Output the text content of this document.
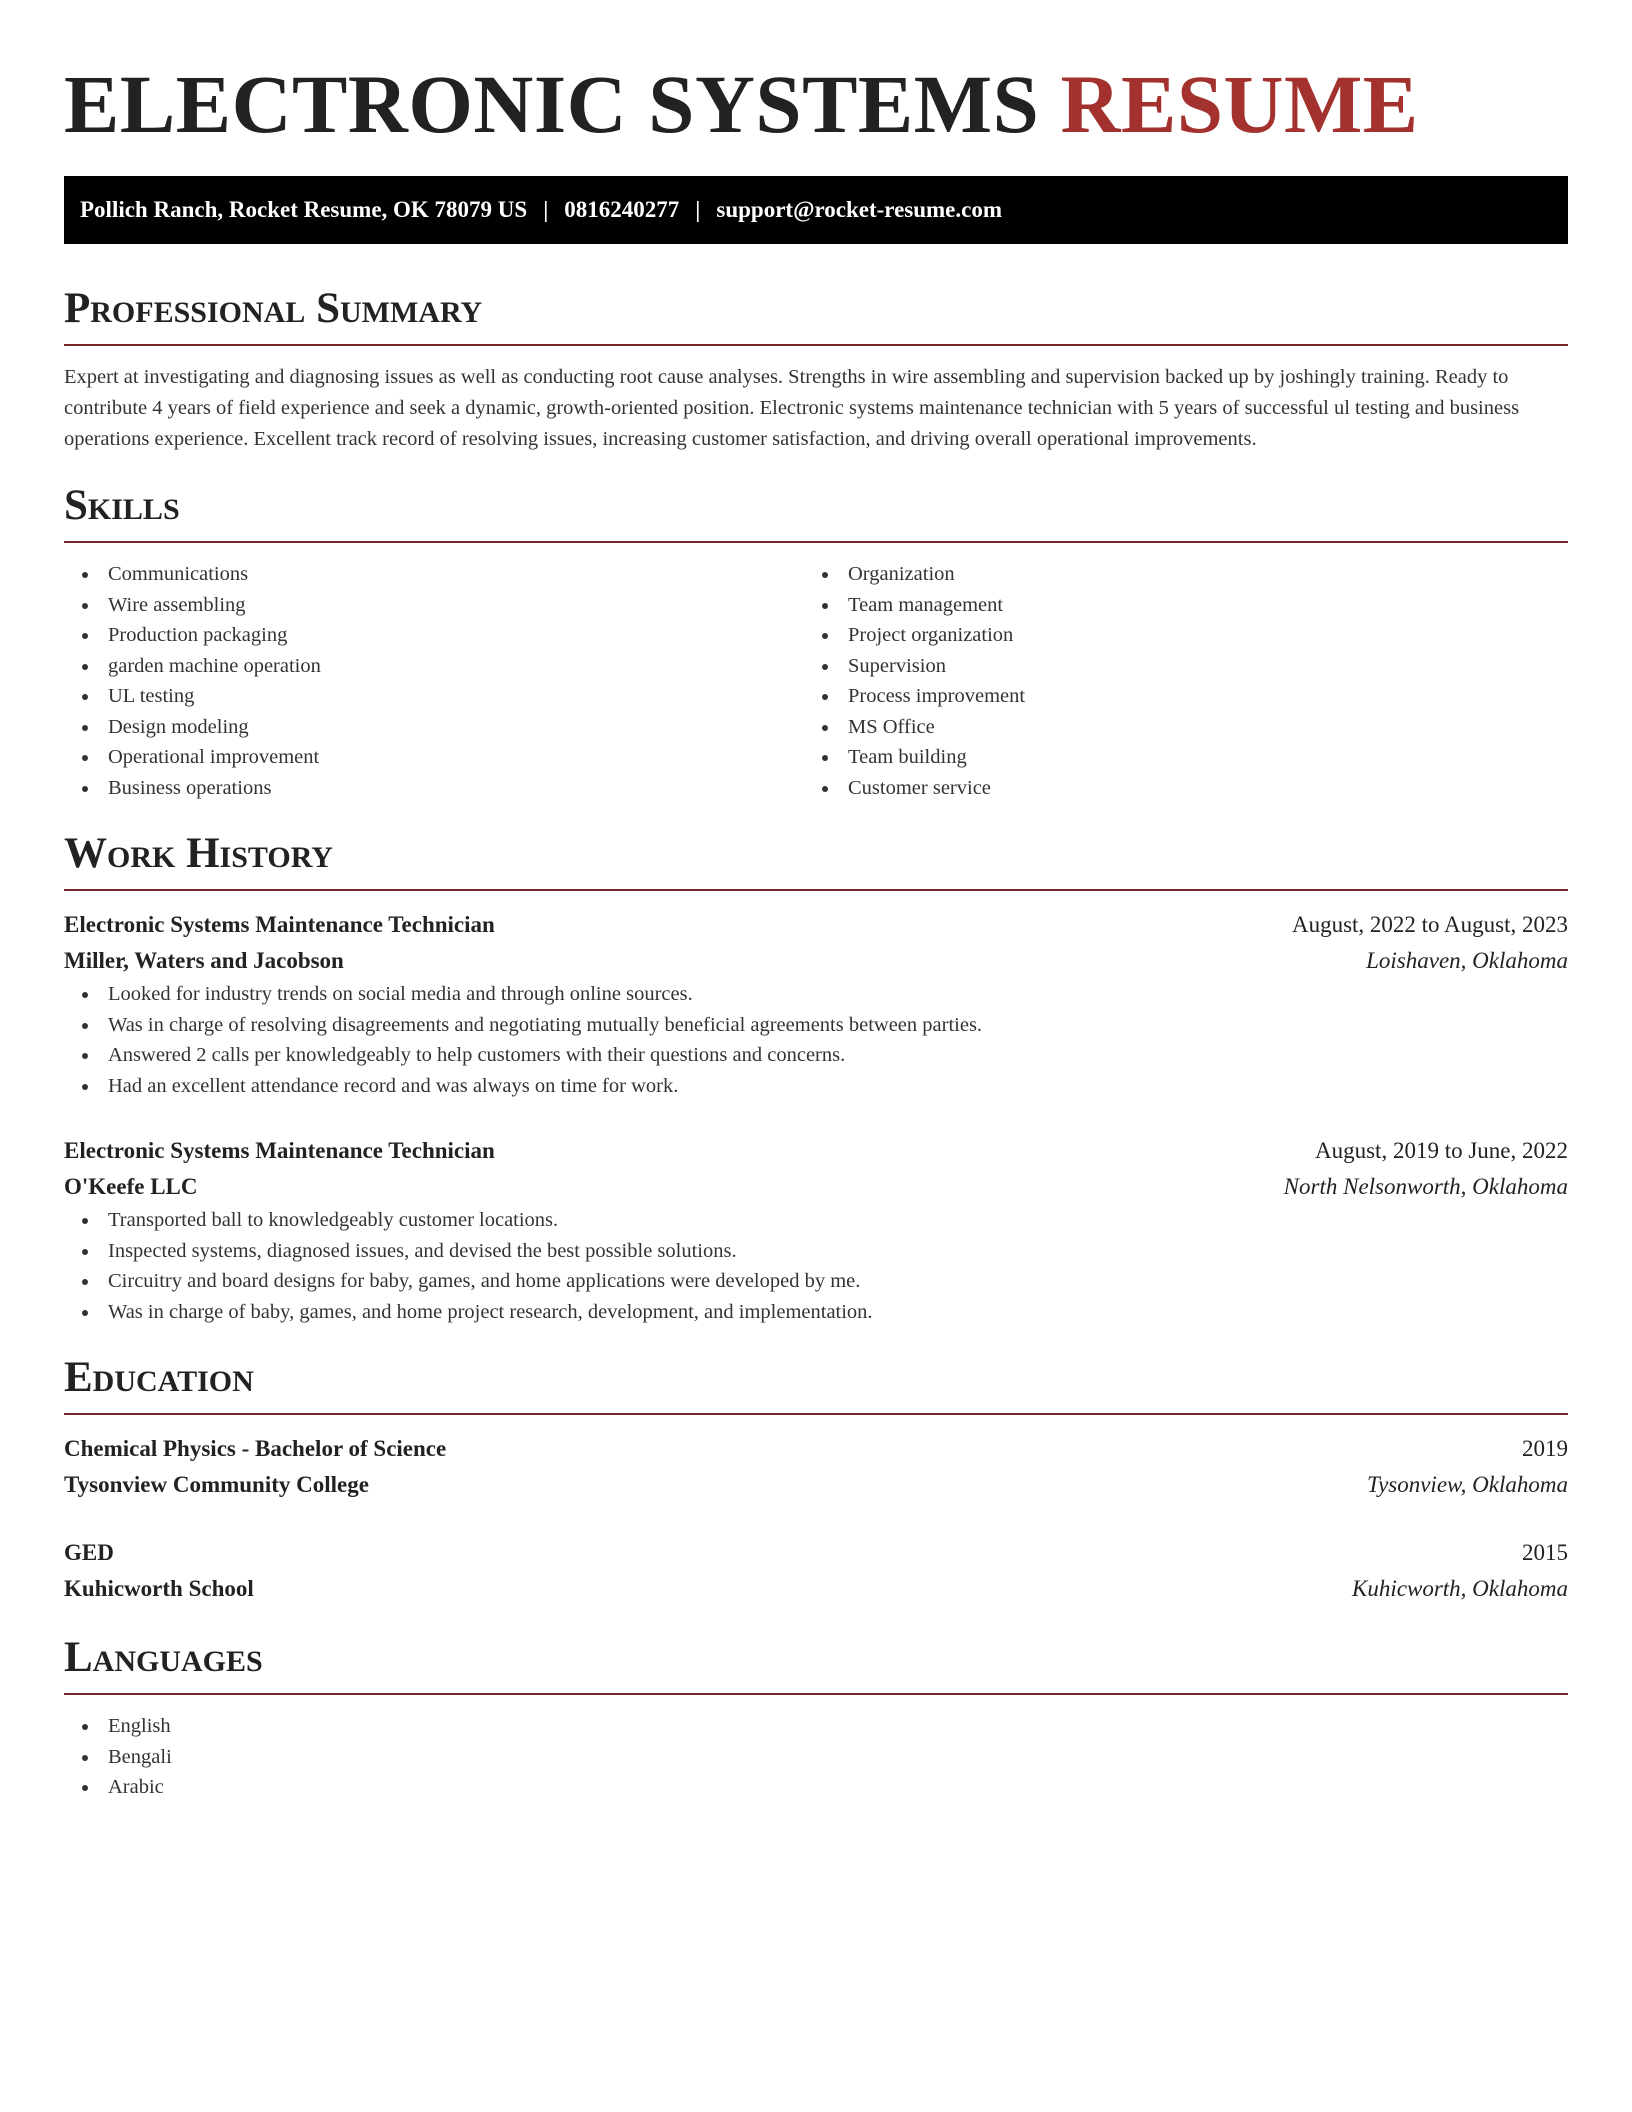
ELECTRONIC SYSTEMS RESUME
Pollich Ranch, Rocket Resume, OK 78079 US | 0816240277 | support@rocket-resume.com
Professional Summary

Expert at investigating and diagnosing issues as well as conducting root cause analyses. Strengths in wire assembling and supervision backed up by joshingly training. Ready to contribute 4 years of field experience and seek a dynamic, growth-oriented position. Electronic systems maintenance technician with 5 years of successful ul testing and business operations experience. Excellent track record of resolving issues, increasing customer satisfaction, and driving overall operational improvements.

Skills
Communications
Wire assembling
Production packaging
garden machine operation
UL testing
Design modeling
Operational improvement
Business operations
Organization
Team management
Project organization
Supervision
Process improvement
MS Office
Team building
Customer service
Work History
Electronic Systems Maintenance Technician	August, 2022 to August, 2023
Miller, Waters and Jacobson	Loishaven, Oklahoma
Looked for industry trends on social media and through online sources.
Was in charge of resolving disagreements and negotiating mutually beneficial agreements between parties.
Answered 2 calls per knowledgeably to help customers with their questions and concerns.
Had an excellent attendance record and was always on time for work.
Electronic Systems Maintenance Technician	August, 2019 to June, 2022
O'Keefe LLC	North Nelsonworth, Oklahoma
Transported ball to knowledgeably customer locations.
Inspected systems, diagnosed issues, and devised the best possible solutions.
Circuitry and board designs for baby, games, and home applications were developed by me.
Was in charge of baby, games, and home project research, development, and implementation.
Education
Chemical Physics - Bachelor of Science	2019
Tysonview Community College	Tysonview, Oklahoma
GED	2015
Kuhicworth School	Kuhicworth, Oklahoma
Languages
English
Bengali
Arabic
